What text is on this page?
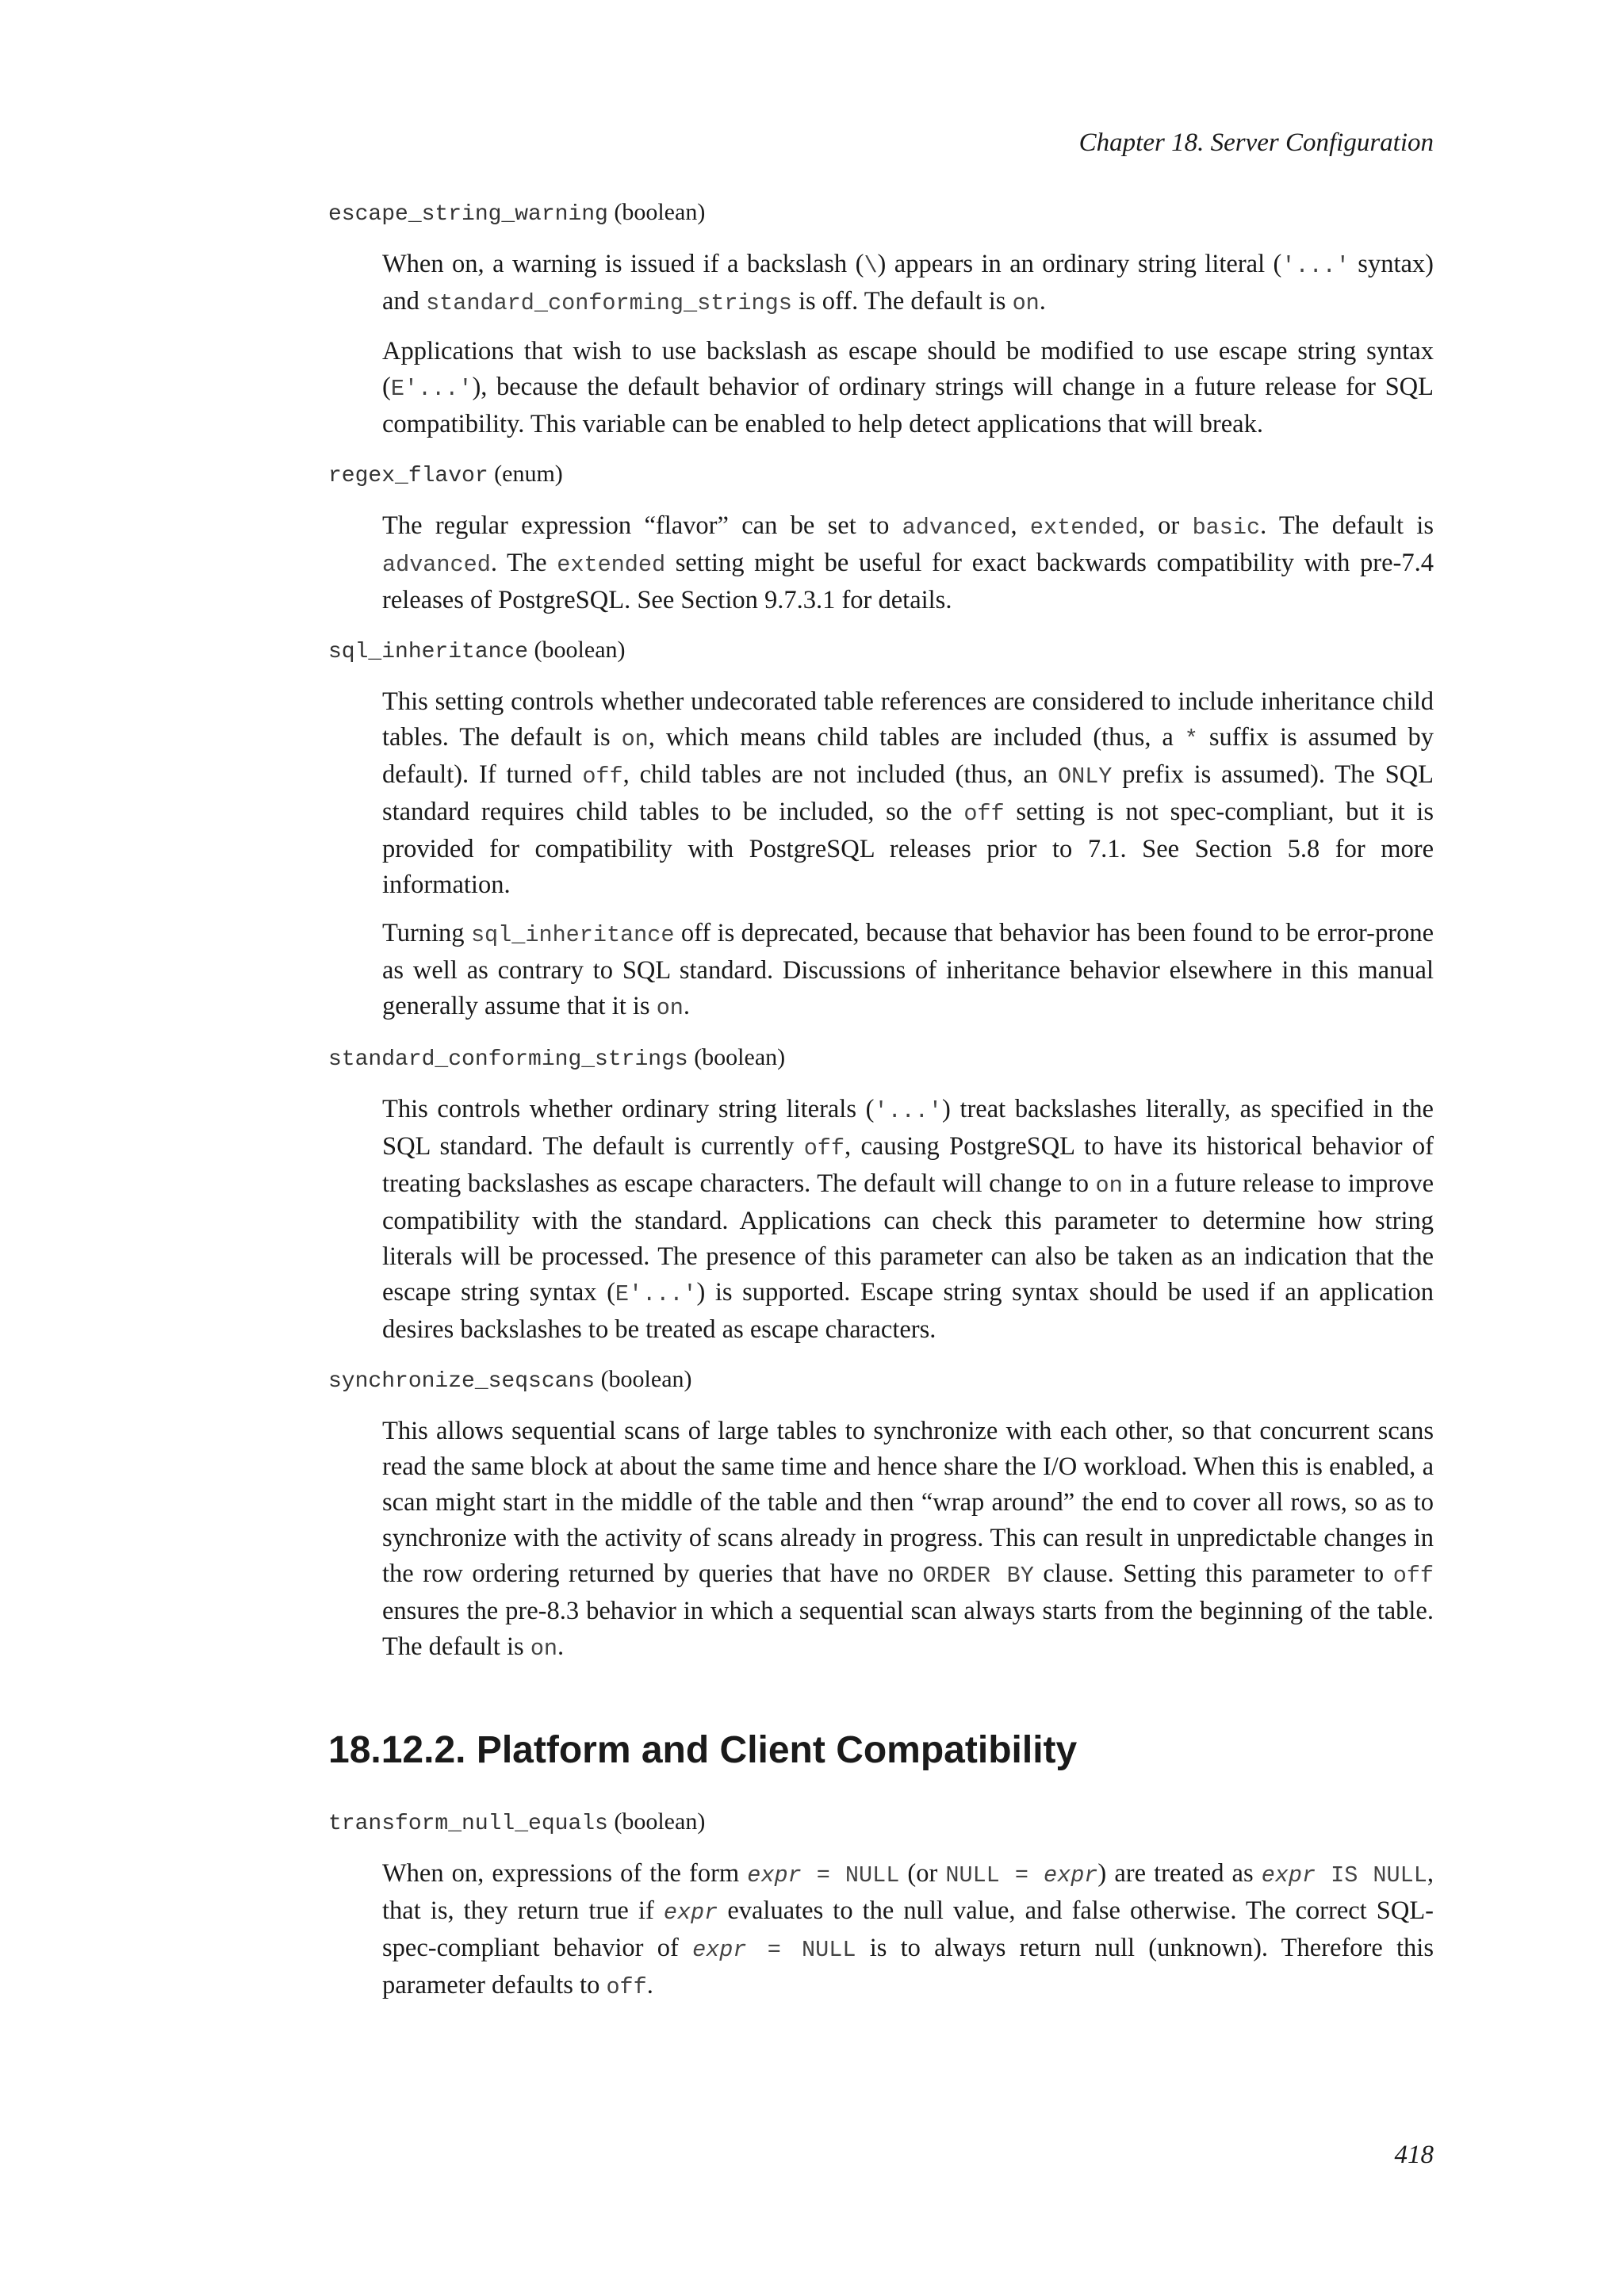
Chapter 18. Server Configuration
escape_string_warning (boolean)

When on, a warning is issued if a backslash (\) appears in an ordinary string literal ('...' syntax) and standard_conforming_strings is off. The default is on.

Applications that wish to use backslash as escape should be modified to use escape string syntax (E'...'), because the default behavior of ordinary strings will change in a future release for SQL compatibility. This variable can be enabled to help detect applications that will break.

regex_flavor (enum)

The regular expression “flavor” can be set to advanced, extended, or basic. The default is advanced. The extended setting might be useful for exact backwards compatibility with pre-7.4 releases of PostgreSQL. See Section 9.7.3.1 for details.

sql_inheritance (boolean)

This setting controls whether undecorated table references are considered to include inheritance child tables. The default is on, which means child tables are included (thus, a * suffix is assumed by default). If turned off, child tables are not included (thus, an ONLY prefix is assumed). The SQL standard requires child tables to be included, so the off setting is not spec-compliant, but it is provided for compatibility with PostgreSQL releases prior to 7.1. See Section 5.8 for more information.

Turning sql_inheritance off is deprecated, because that behavior has been found to be error-prone as well as contrary to SQL standard. Discussions of inheritance behavior elsewhere in this manual generally assume that it is on.

standard_conforming_strings (boolean)

This controls whether ordinary string literals ('...') treat backslashes literally, as specified in the SQL standard. The default is currently off, causing PostgreSQL to have its historical behavior of treating backslashes as escape characters. The default will change to on in a future release to improve compatibility with the standard. Applications can check this parameter to determine how string literals will be processed. The presence of this parameter can also be taken as an indication that the escape string syntax (E'...') is supported. Escape string syntax should be used if an application desires backslashes to be treated as escape characters.

synchronize_seqscans (boolean)

This allows sequential scans of large tables to synchronize with each other, so that concurrent scans read the same block at about the same time and hence share the I/O workload. When this is enabled, a scan might start in the middle of the table and then “wrap around” the end to cover all rows, so as to synchronize with the activity of scans already in progress. This can result in unpredictable changes in the row ordering returned by queries that have no ORDER BY clause. Setting this parameter to off ensures the pre-8.3 behavior in which a sequential scan always starts from the beginning of the table. The default is on.

18.12.2. Platform and Client Compatibility
transform_null_equals (boolean)

When on, expressions of the form expr = NULL (or NULL = expr) are treated as expr IS NULL, that is, they return true if expr evaluates to the null value, and false otherwise. The correct SQL-spec-compliant behavior of expr = NULL is to always return null (unknown). Therefore this parameter defaults to off.

418
